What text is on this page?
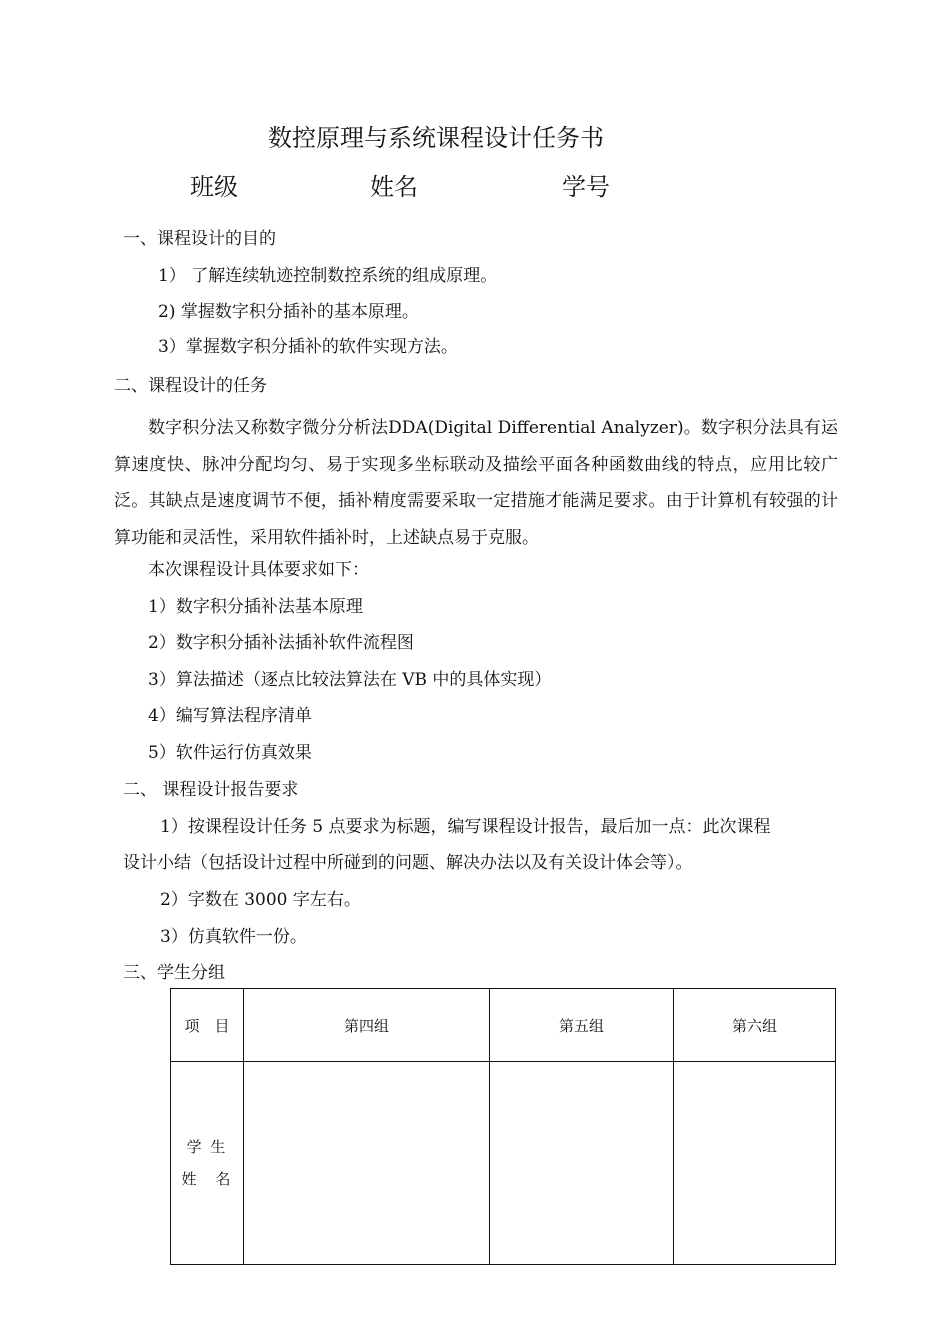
数控原理与系统课程设计任务书
班级	姓名	学号
一、课程设计的目的
1） 了解连续轨迹控制数控系统的组成原理。
2) 掌握数字积分插补的基本原理。
3）掌握数字积分插补的软件实现方法。
二、课程设计的任务
数字积分法又称数字微分分析法DDA(Digital Differential Analyzer)。数字积分法具有运算速度快、脉冲分配均匀、易于实现多坐标联动及描绘平面各种函数曲线的特点，应用比较广泛。其缺点是速度调节不便，插补精度需要采取一定措施才能满足要求。由于计算机有较强的计算功能和灵活性，采用软件插补时，上述缺点易于克服。
本次课程设计具体要求如下：
1）数字积分插补法基本原理
2）数字积分插补法插补软件流程图
3）算法描述（逐点比较法算法在 VB 中的具体实现）
4）编写算法程序清单
5）软件运行仿真效果
二、 课程设计报告要求
1）按课程设计任务 5 点要求为标题，编写课程设计报告，最后加一点：此次课程
设计小结（包括设计过程中所碰到的问题、解决办法以及有关设计体会等）。
2）字数在 3000 字左右。
3）仿真软件一份。
三、学生分组
项　目	第四组	第五组	第六组

学 生
姓　名			
